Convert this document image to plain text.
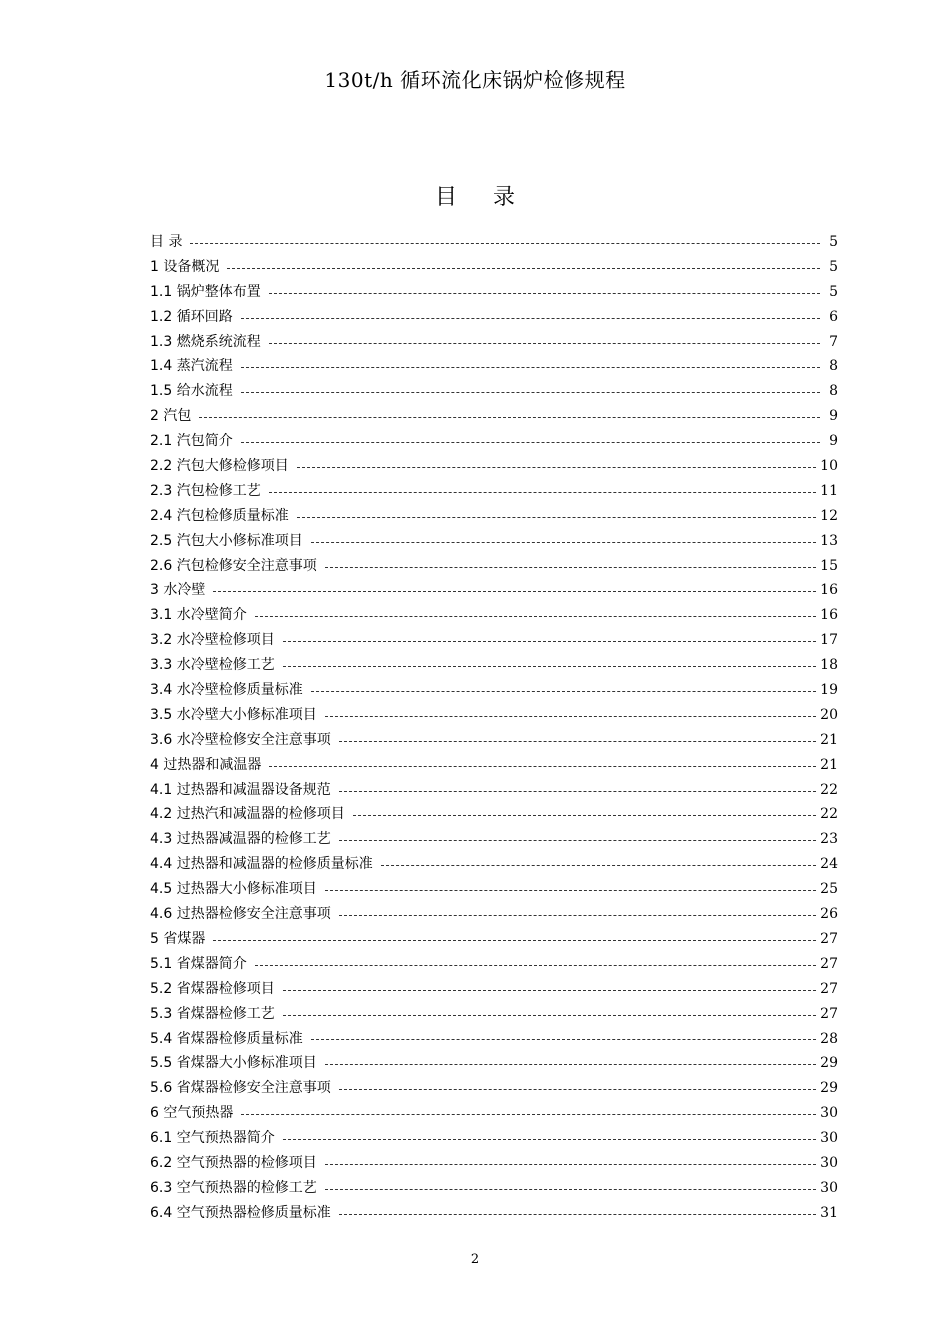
130t/h 循环流化床锅炉检修规程
目 录
目 录	5
1 设备概况	5
1.1 锅炉整体布置	5
1.2 循环回路	6
1.3 燃烧系统流程	7
1.4 蒸汽流程	8
1.5 给水流程	8
2 汽包	9
2.1 汽包简介	9
2.2 汽包大修检修项目	10
2.3 汽包检修工艺	11
2.4 汽包检修质量标准	12
2.5 汽包大小修标准项目	13
2.6 汽包检修安全注意事项	15
3 水冷壁	16
3.1 水冷壁简介	16
3.2 水冷壁检修项目	17
3.3 水冷壁检修工艺	18
3.4 水冷壁检修质量标准	19
3.5 水冷壁大小修标准项目	20
3.6 水冷壁检修安全注意事项	21
4 过热器和减温器	21
4.1 过热器和减温器设备规范	22
4.2 过热汽和减温器的检修项目	22
4.3 过热器减温器的检修工艺	23
4.4 过热器和减温器的检修质量标准	24
4.5 过热器大小修标准项目	25
4.6 过热器检修安全注意事项	26
5 省煤器	27
5.1 省煤器简介	27
5.2 省煤器检修项目	27
5.3 省煤器检修工艺	27
5.4 省煤器检修质量标准	28
5.5 省煤器大小修标准项目	29
5.6 省煤器检修安全注意事项	29
6 空气预热器	30
6.1 空气预热器简介	30
6.2 空气预热器的检修项目	30
6.3 空气预热器的检修工艺	30
6.4 空气预热器检修质量标准	31
2
